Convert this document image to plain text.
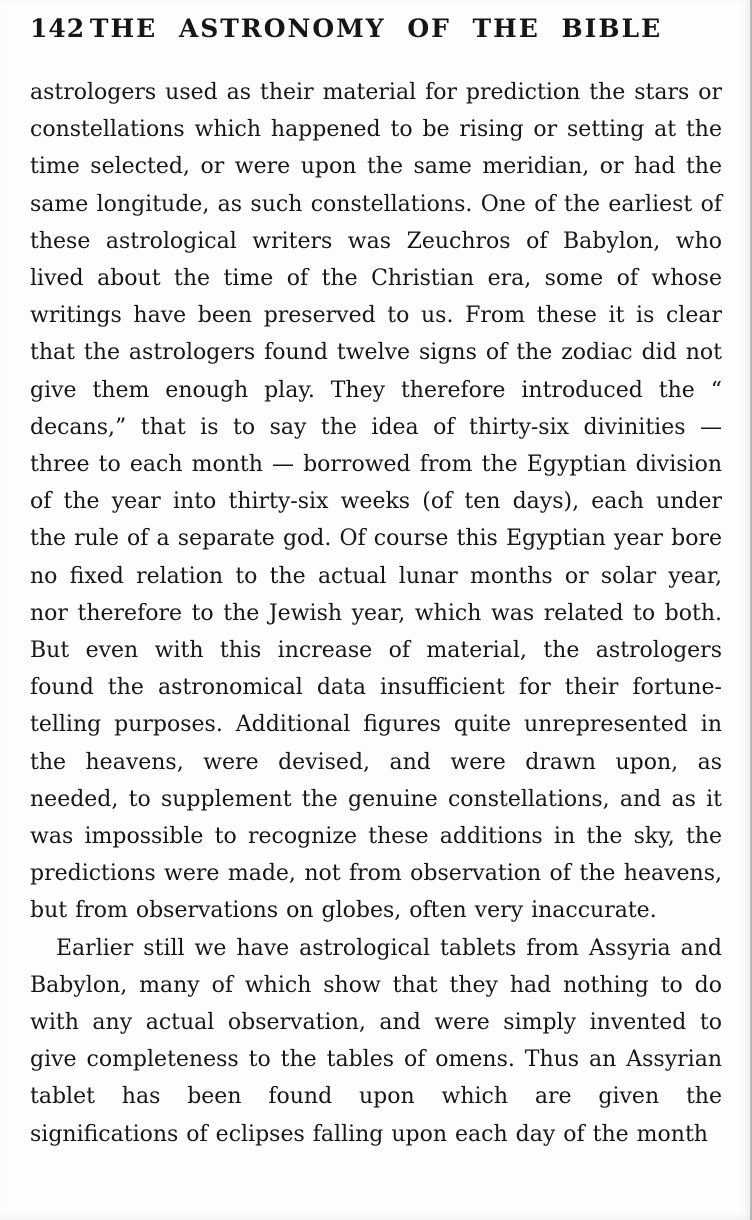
142 THE ASTRONOMY OF THE BIBLE

astrologers used as their material for prediction the stars or constellations which happened to be rising or setting at the time selected, or were upon the same meridian, or had the same longitude, as such constellations. One of the earliest of these astrological writers was Zeuchros of Babylon, who lived about the time of the Christian era, some of whose writings have been preserved to us. From these it is clear that the astrologers found twelve signs of the zodiac did not give them enough play. They therefore introduced the “ decans,” that is to say the idea of thirty-six divinities — three to each month — borrowed from the Egyptian division of the year into thirty-six weeks (of ten days), each under the rule of a separate god. Of course this Egyptian year bore no fixed relation to the actual lunar months or solar year, nor therefore to the Jewish year, which was related to both. But even with this increase of material, the astrologers found the astronomical data insufficient for their fortune-telling purposes. Additional figures quite unrepresented in the heavens, were devised, and were drawn upon, as needed, to supplement the genuine constellations, and as it was impossible to recognize these additions in the sky, the predictions were made, not from observation of the heavens, but from observations on globes, often very inaccurate.

Earlier still we have astrological tablets from Assyria and Babylon, many of which show that they had nothing to do with any actual observation, and were simply invented to give completeness to the tables of omens. Thus an Assyrian tablet has been found upon which are given the significations of eclipses falling upon each day of the month
